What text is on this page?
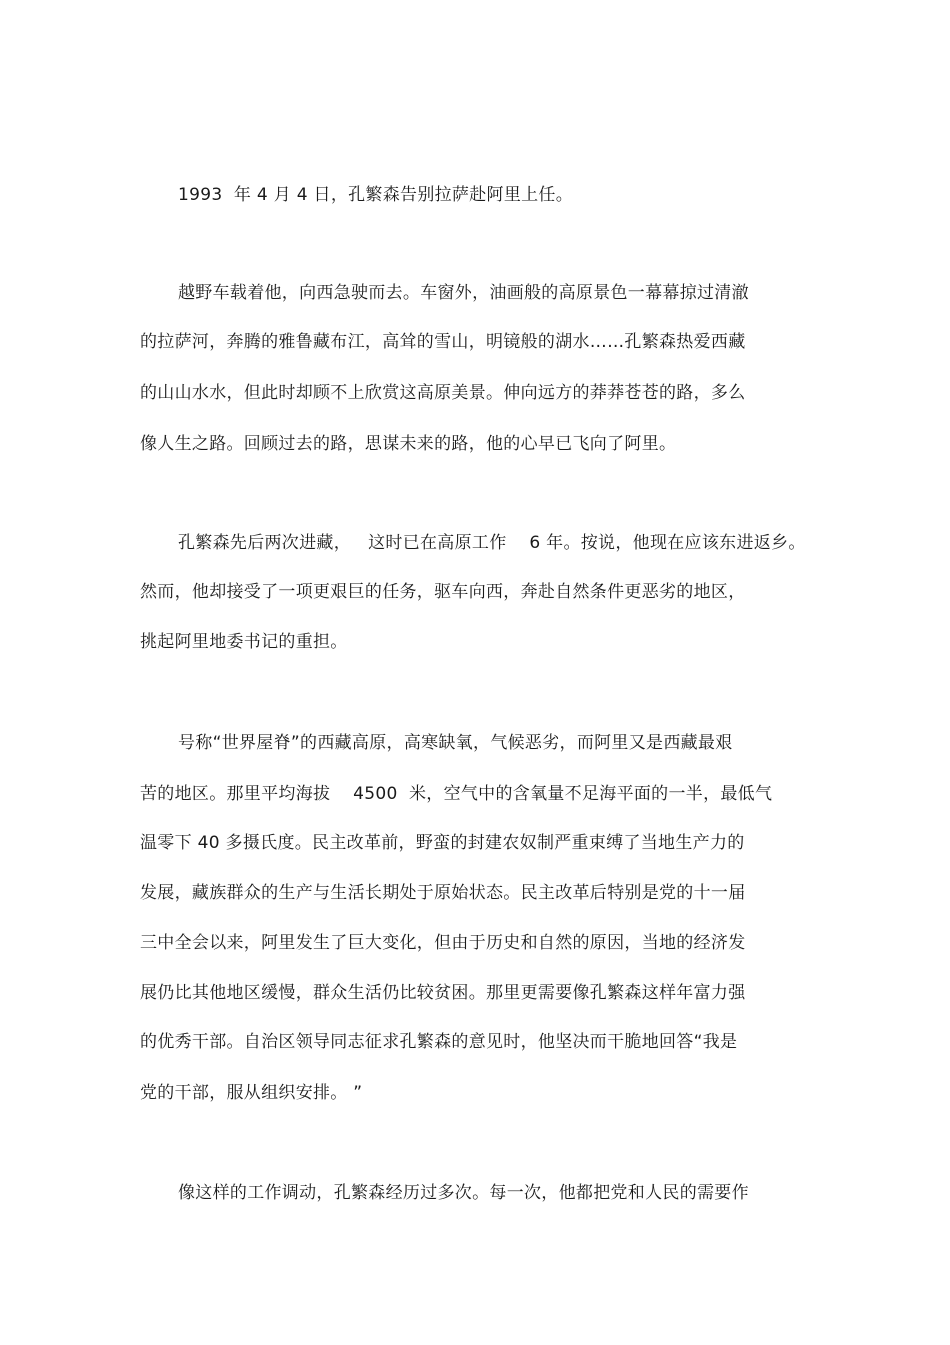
1993  年 4 月 4 日，孔繁森告别拉萨赴阿里上任。
越野车载着他，向西急驶而去。车窗外，油画般的高原景色一幕幕掠过清澈
的拉萨河，奔腾的雅鲁藏布江，高耸的雪山，明镜般的湖水……孔繁森热爱西藏
的山山水水，但此时却顾不上欣赏这高原美景。伸向远方的莽莽苍苍的路，多么
像人生之路。回顾过去的路，思谋未来的路，他的心早已飞向了阿里。
孔繁森先后两次进藏，   这时已在高原工作    6 年。按说，他现在应该东进返乡。
然而，他却接受了一项更艰巨的任务，驱车向西，奔赴自然条件更恶劣的地区，
挑起阿里地委书记的重担。
号称“世界屋脊”的西藏高原，高寒缺氧，气候恶劣，而阿里又是西藏最艰
苦的地区。那里平均海拔    4500  米，空气中的含氧量不足海平面的一半，最低气
温零下 40 多摄氏度。民主改革前，野蛮的封建农奴制严重束缚了当地生产力的
发展，藏族群众的生产与生活长期处于原始状态。民主改革后特别是党的十一届
三中全会以来，阿里发生了巨大变化，但由于历史和自然的原因，当地的经济发
展仍比其他地区缓慢，群众生活仍比较贫困。那里更需要像孔繁森这样年富力强
的优秀干部。自治区领导同志征求孔繁森的意见时，他坚决而干脆地回答“我是
党的干部，服从组织安排。 ”
像这样的工作调动，孔繁森经历过多次。每一次，他都把党和人民的需要作
